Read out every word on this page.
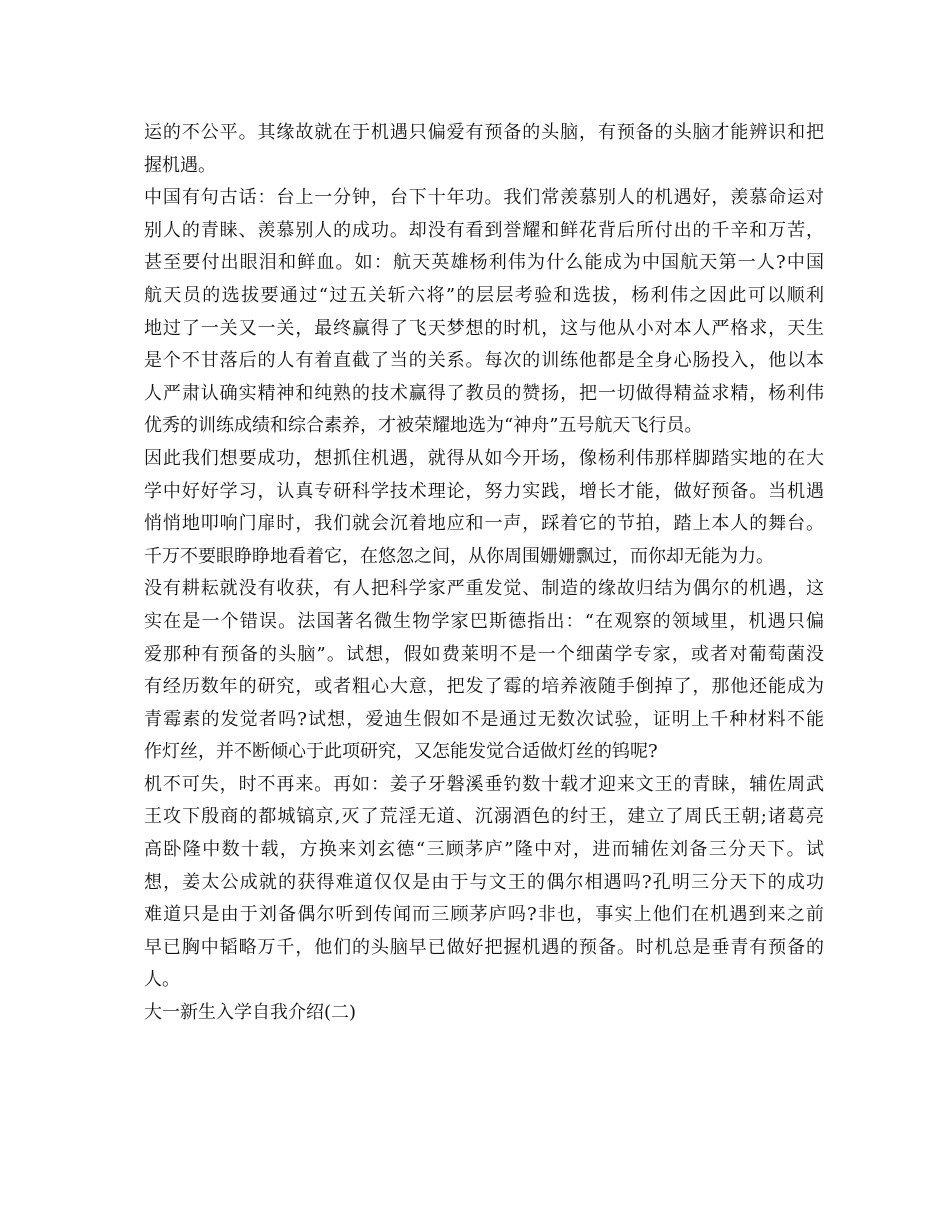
运的不公平。其缘故就在于机遇只偏爱有预备的头脑，有预备的头脑才能辨识和把
握机遇。
中国有句古话：台上一分钟，台下十年功。我们常羡慕别人的机遇好，羡慕命运对
别人的青睐、羡慕别人的成功。却没有看到誉耀和鲜花背后所付出的千辛和万苦，
甚至要付出眼泪和鲜血。如：航天英雄杨利伟为什么能成为中国航天第一人?中国
航天员的选拔要通过“过五关斩六将”的层层考验和选拔，杨利伟之因此可以顺利
地过了一关又一关，最终赢得了飞天梦想的时机，这与他从小对本人严格求，天生
是个不甘落后的人有着直截了当的关系。每次的训练他都是全身心肠投入，他以本
人严肃认确实精神和纯熟的技术赢得了教员的赞扬，把一切做得精益求精，杨利伟
优秀的训练成绩和综合素养，才被荣耀地选为“神舟”五号航天飞行员。
因此我们想要成功，想抓住机遇，就得从如今开场，像杨利伟那样脚踏实地的在大
学中好好学习，认真专研科学技术理论，努力实践，增长才能，做好预备。当机遇
悄悄地叩响门扉时，我们就会沉着地应和一声，踩着它的节拍，踏上本人的舞台。
千万不要眼睁睁地看着它，在悠忽之间，从你周围姗姗飘过，而你却无能为力。
没有耕耘就没有收获，有人把科学家严重发觉、制造的缘故归结为偶尔的机遇，这
实在是一个错误。法国著名微生物学家巴斯德指出：“在观察的领域里，机遇只偏
爱那种有预备的头脑”。试想，假如费莱明不是一个细菌学专家，或者对葡萄菌没
有经历数年的研究，或者粗心大意，把发了霉的培养液随手倒掉了，那他还能成为
青霉素的发觉者吗?试想，爱迪生假如不是通过无数次试验，证明上千种材料不能
作灯丝，并不断倾心于此项研究，又怎能发觉合适做灯丝的钨呢?
机不可失，时不再来。再如：姜子牙磐溪垂钓数十载才迎来文王的青睐，辅佐周武
王攻下殷商的都城镐京,灭了荒淫无道、沉溺酒色的纣王，建立了周氏王朝;诸葛亮
高卧隆中数十载，方换来刘玄德“三顾茅庐”隆中对，进而辅佐刘备三分天下。试
想，姜太公成就的获得难道仅仅是由于与文王的偶尔相遇吗?孔明三分天下的成功
难道只是由于刘备偶尔听到传闻而三顾茅庐吗?非也，事实上他们在机遇到来之前
早已胸中韬略万千，他们的头脑早已做好把握机遇的预备。时机总是垂青有预备的
人。
大一新生入学自我介绍(二)
